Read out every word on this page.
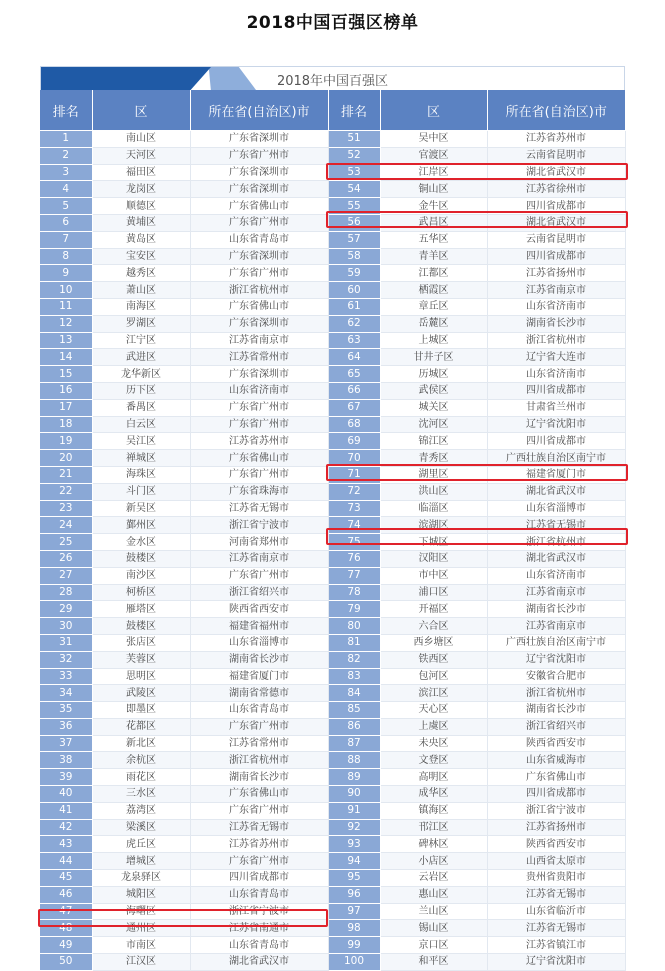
2018中国百强区榜单
2018年中国百强区
排名	区	所在省(自治区)市	排名	区	所在省(自治区)市
1	南山区	广东省深圳市	51	吴中区	江苏省苏州市
2	天河区	广东省广州市	52	官渡区	云南省昆明市
3	福田区	广东省深圳市	53	江岸区	湖北省武汉市
4	龙岗区	广东省深圳市	54	铜山区	江苏省徐州市
5	顺德区	广东省佛山市	55	金牛区	四川省成都市
6	黄埔区	广东省广州市	56	武昌区	湖北省武汉市
7	黄岛区	山东省青岛市	57	五华区	云南省昆明市
8	宝安区	广东省深圳市	58	青羊区	四川省成都市
9	越秀区	广东省广州市	59	江都区	江苏省扬州市
10	萧山区	浙江省杭州市	60	栖霞区	江苏省南京市
11	南海区	广东省佛山市	61	章丘区	山东省济南市
12	罗湖区	广东省深圳市	62	岳麓区	湖南省长沙市
13	江宁区	江苏省南京市	63	上城区	浙江省杭州市
14	武进区	江苏省常州市	64	甘井子区	辽宁省大连市
15	龙华新区	广东省深圳市	65	历城区	山东省济南市
16	历下区	山东省济南市	66	武侯区	四川省成都市
17	番禺区	广东省广州市	67	城关区	甘肃省兰州市
18	白云区	广东省广州市	68	沈河区	辽宁省沈阳市
19	吴江区	江苏省苏州市	69	锦江区	四川省成都市
20	禅城区	广东省佛山市	70	青秀区	广西壮族自治区南宁市
21	海珠区	广东省广州市	71	湖里区	福建省厦门市
22	斗门区	广东省珠海市	72	洪山区	湖北省武汉市
23	新吴区	江苏省无锡市	73	临淄区	山东省淄博市
24	鄞州区	浙江省宁波市	74	滨湖区	江苏省无锡市
25	金水区	河南省郑州市	75	下城区	浙江省杭州市
26	鼓楼区	江苏省南京市	76	汉阳区	湖北省武汉市
27	南沙区	广东省广州市	77	市中区	山东省济南市
28	柯桥区	浙江省绍兴市	78	浦口区	江苏省南京市
29	雁塔区	陕西省西安市	79	开福区	湖南省长沙市
30	鼓楼区	福建省福州市	80	六合区	江苏省南京市
31	张店区	山东省淄博市	81	西乡塘区	广西壮族自治区南宁市
32	芙蓉区	湖南省长沙市	82	铁西区	辽宁省沈阳市
33	思明区	福建省厦门市	83	包河区	安徽省合肥市
34	武陵区	湖南省常德市	84	滨江区	浙江省杭州市
35	即墨区	山东省青岛市	85	天心区	湖南省长沙市
36	花都区	广东省广州市	86	上虞区	浙江省绍兴市
37	新北区	江苏省常州市	87	未央区	陕西省西安市
38	余杭区	浙江省杭州市	88	文登区	山东省威海市
39	雨花区	湖南省长沙市	89	高明区	广东省佛山市
40	三水区	广东省佛山市	90	成华区	四川省成都市
41	荔湾区	广东省广州市	91	镇海区	浙江省宁波市
42	梁溪区	江苏省无锡市	92	邗江区	江苏省扬州市
43	虎丘区	江苏省苏州市	93	碑林区	陕西省西安市
44	增城区	广东省广州市	94	小店区	山西省太原市
45	龙泉驿区	四川省成都市	95	云岩区	贵州省贵阳市
46	城阳区	山东省青岛市	96	惠山区	江苏省无锡市
47	海曙区	浙江省宁波市	97	兰山区	山东省临沂市
48	通州区	江苏省南通市	98	锡山区	江苏省无锡市
49	市南区	山东省青岛市	99	京口区	江苏省镇江市
50	江汉区	湖北省武汉市	100	和平区	辽宁省沈阳市
